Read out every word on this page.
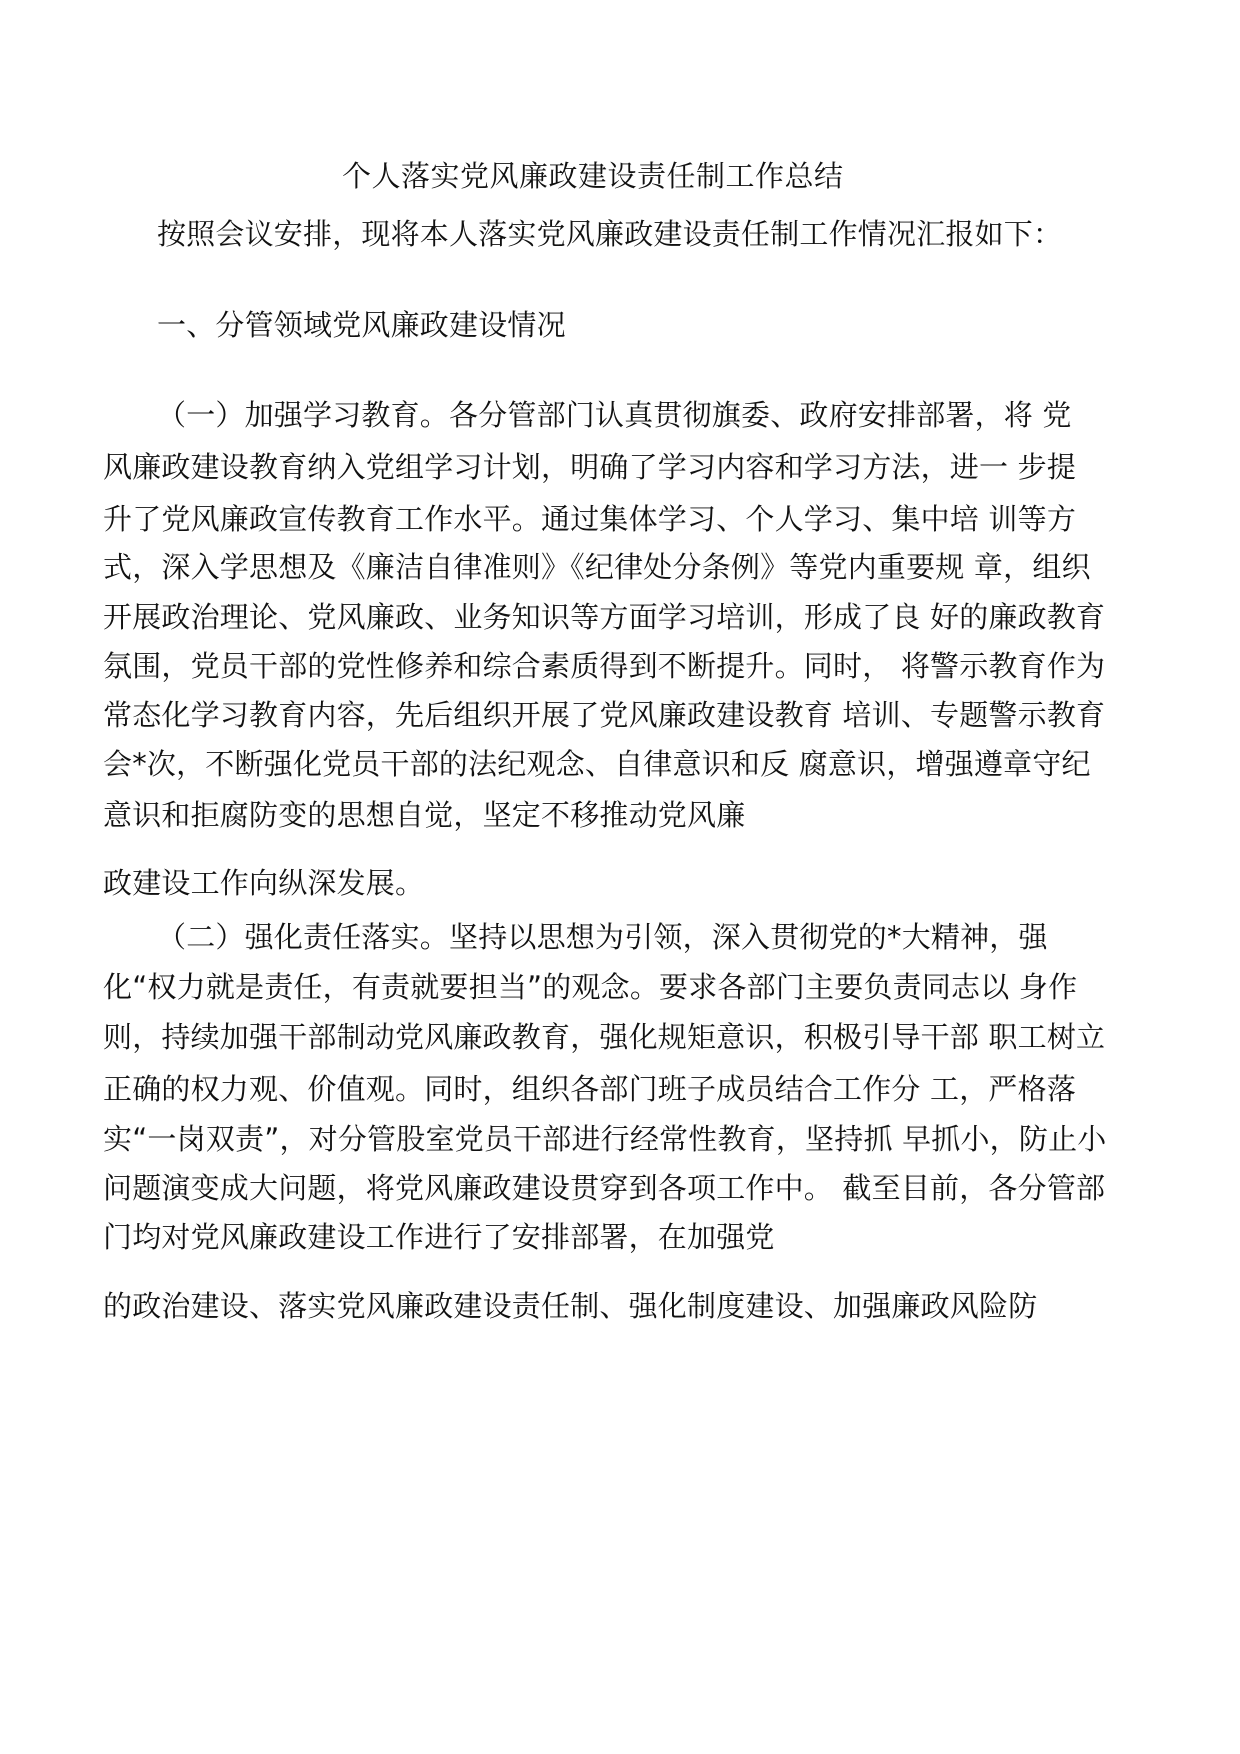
个人落实党风廉政建设责任制工作总结
按照会议安排，现将本人落实党风廉政建设责任制工作情况汇报如下：
一、分管领域党风廉政建设情况
（一）加强学习教育。各分管部门认真贯彻旗委、政府安排部署，将 党
风廉政建设教育纳入党组学习计划，明确了学习内容和学习方法，进一 步提
升了党风廉政宣传教育工作水平。通过集体学习、个人学习、集中培 训等方
式，深入学思想及《廉洁自律准则》《纪律处分条例》等党内重要规 章，组织
开展政治理论、党风廉政、业务知识等方面学习培训，形成了良 好的廉政教育
氛围，党员干部的党性修养和综合素质得到不断提升。同时， 将警示教育作为
常态化学习教育内容，先后组织开展了党风廉政建设教育 培训、专题警示教育
会*次，不断强化党员干部的法纪观念、自律意识和反 腐意识，增强遵章守纪
意识和拒腐防变的思想自觉，坚定不移推动党风廉
政建设工作向纵深发展。
（二）强化责任落实。坚持以思想为引领，深入贯彻党的*大精神，强
化“权力就是责任，有责就要担当”的观念。要求各部门主要负责同志以 身作
则，持续加强干部制动党风廉政教育，强化规矩意识，积极引导干部 职工树立
正确的权力观、价值观。同时，组织各部门班子成员结合工作分 工，严格落
实“一岗双责”，对分管股室党员干部进行经常性教育，坚持抓 早抓小，防止小
问题演变成大问题，将党风廉政建设贯穿到各项工作中。 截至目前，各分管部
门均对党风廉政建设工作进行了安排部署，在加强党
的政治建设、落实党风廉政建设责任制、强化制度建设、加强廉政风险防
